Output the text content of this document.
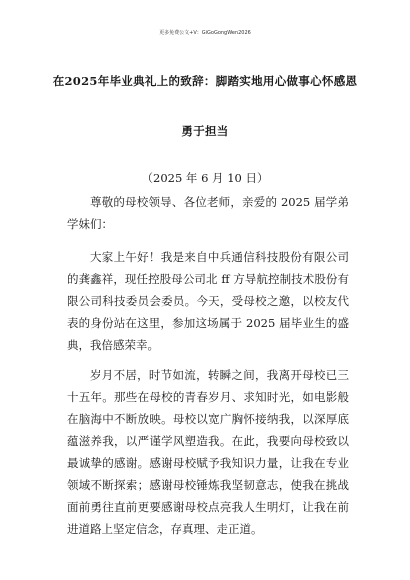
更多免费公文+V：GiGoGongWen2026
在2025年毕业典礼上的致辞：脚踏实地用心做事心怀感恩
勇于担当
（2025 年 6 月 10 日）

尊敬的母校领导、各位老师，亲爱的 2025 届学弟学妹们：

大家上午好！我是来自中兵通信科技股份有限公司的龚鑫祥，现任控股母公司北 ff 方导航控制技术股份有限公司科技委员会委员。今天，受母校之邀，以校友代表的身份站在这里，参加这场属于 2025 届毕业生的盛典，我倍感荣幸。

岁月不居，时节如流，转瞬之间，我离开母校已三十五年。那些在母校的青春岁月、求知时光，如电影般在脑海中不断放映。母校以宽广胸怀接纳我，以深厚底蕴滋养我，以严谨学风塑造我。在此，我要向母校致以最诚挚的感谢。感谢母校赋予我知识力量，让我在专业领域不断探索；感谢母校锤炼我坚韧意志，使我在挑战面前勇往直前更要感谢母校点亮我人生明灯，让我在前进道路上坚定信念，存真理、走正道。
